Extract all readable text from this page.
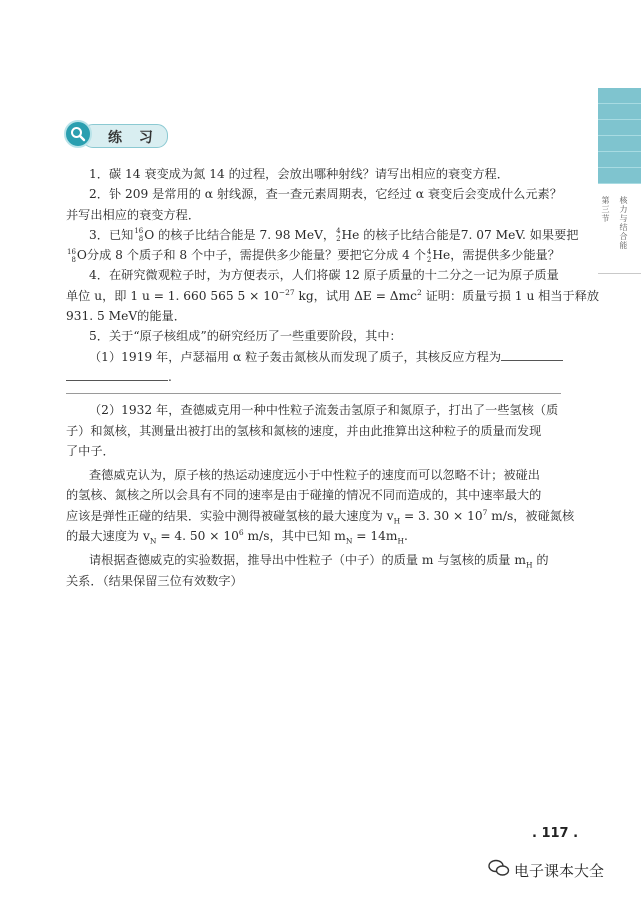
第三节 核力与结合能
练 习
1．碳 14 衰变成为氮 14 的过程，会放出哪种射线？请写出相应的衰变方程．
2．钋 209 是常用的 α 射线源，查一查元素周期表，它经过 α 衰变后会变成什么元素？
并写出相应的衰变方程．
3．已知 16
8 O 的核子比结合能是 7. 98 MeV， 4
2 He 的核子比结合能是7. 07 MeV. 如果要把
16
8 O分成 8 个质子和 8 个中子，需提供多少能量？要把它分成 4 个 4
2 He，需提供多少能量？
4．在研究微观粒子时，为方便表示，人们将碳 12 原子质量的十二分之一记为原子质量
单位 u，即 1 u = 1. 660 565 $5 \times 10^{-27}$ kg，试用 ΔE = Δmc$^2$ 证明：质量亏损 1 u 相当于释放
931. 5 MeV的能量．
5．关于“原子核组成”的研究经历了一些重要阶段，其中：
（1）1919 年，卢瑟福用 α 粒子轰击氮核从而发现了质子，其核反应方程为
.
（2）1932 年，查德威克用一种中性粒子流轰击氢原子和氮原子，打出了一些氢核（质
子）和氮核，其测量出被打出的氢核和氮核的速度，并由此推算出这种粒子的质量而发现
了中子．
查德威克认为，原子核的热运动速度远小于中性粒子的速度而可以忽略不计；被碰出
的氢核、氮核之所以会具有不同的速率是由于碰撞的情况不同而造成的，其中速率最大的
应该是弹性正碰的结果．实验中测得被碰氢核的最大速度为 $v_H = 3$. $30 \times 10^7$ m/s，被碰氮核
的最大速度为 $v_N = 4$. $50 \times 10^6$ m/s，其中已知 $m_N = 14m_H$.
请根据查德威克的实验数据，推导出中性粒子（中子）的质量 m 与氢核的质量 $m_H$ 的
关系．（结果保留三位有效数字）
. 117 .
电子课本大全
